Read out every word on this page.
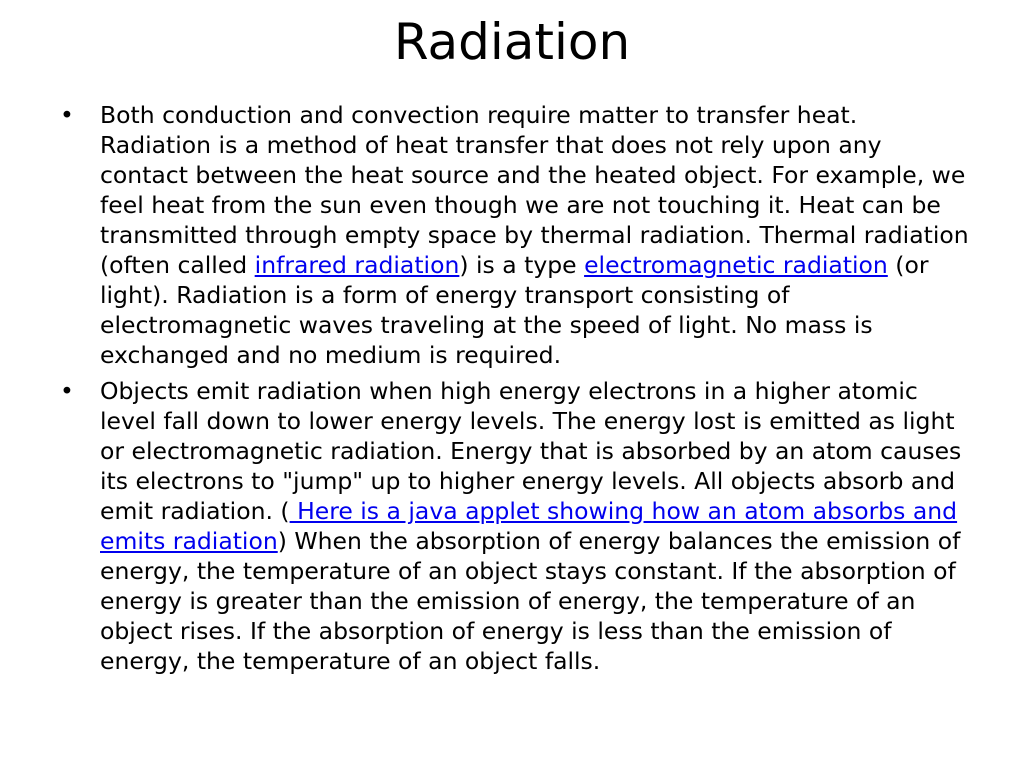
Radiation
• Both conduction and convection require matter to transfer heat. Radiation is a method of heat transfer that does not rely upon any contact between the heat source and the heated object. For example, we feel heat from the sun even though we are not touching it. Heat can be transmitted through empty space by thermal radiation. Thermal radiation (often called infrared radiation) is a type electromagnetic radiation (or light). Radiation is a form of energy transport consisting of electromagnetic waves traveling at the speed of light. No mass is exchanged and no medium is required.
• Objects emit radiation when high energy electrons in a higher atomic level fall down to lower energy levels. The energy lost is emitted as light or electromagnetic radiation. Energy that is absorbed by an atom causes its electrons to "jump" up to higher energy levels. All objects absorb and emit radiation. ( Here is a java applet showing how an atom absorbs and emits radiation) When the absorption of energy balances the emission of energy, the temperature of an object stays constant. If the absorption of energy is greater than the emission of energy, the temperature of an object rises. If the absorption of energy is less than the emission of energy, the temperature of an object falls.
